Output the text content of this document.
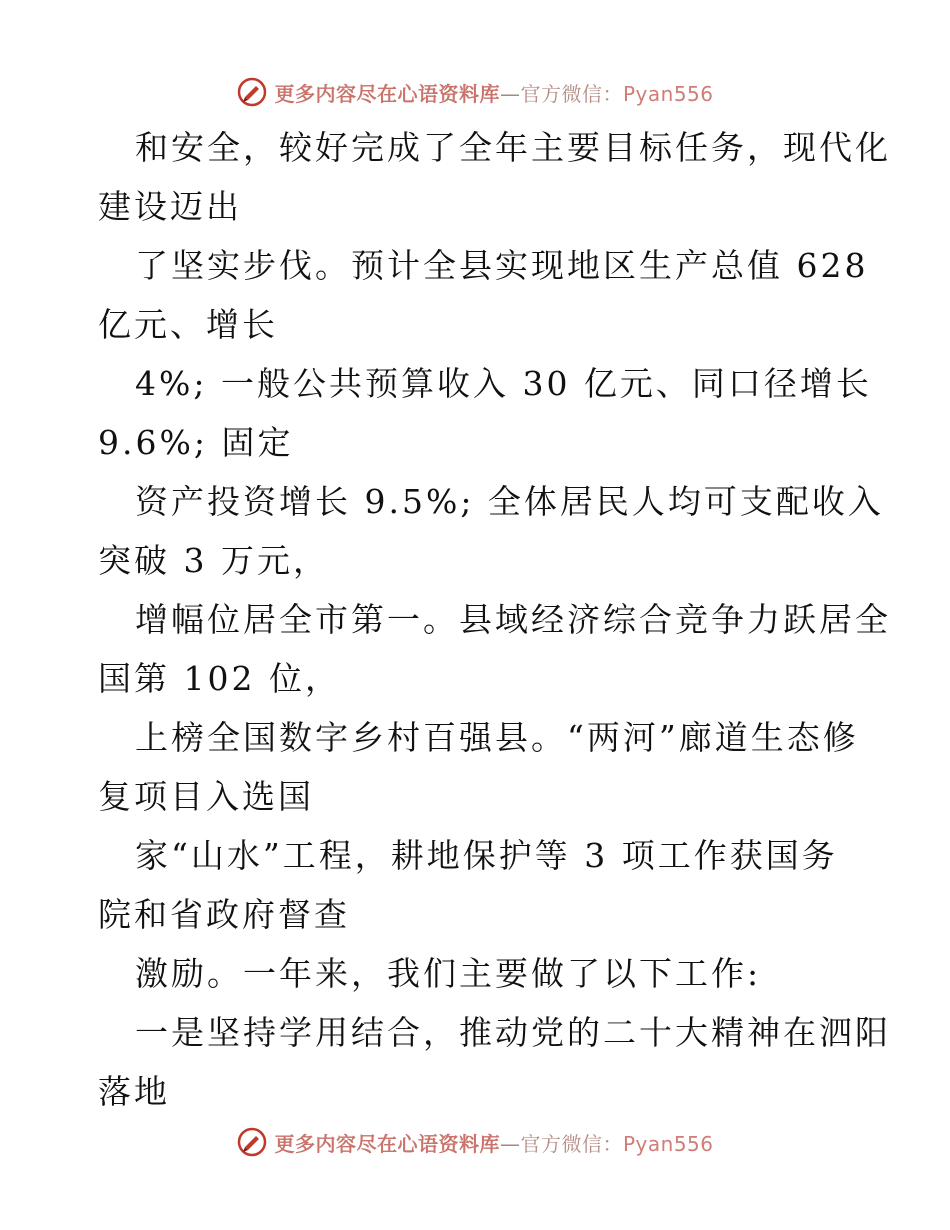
更多内容尽在心语资料库—官方微信：Pyan556

和安全，较好完成了全年主要目标任务，现代化
建设迈出

了坚实步伐。预计全县实现地区生产总值 628
亿元、增长

4%; 一般公共预算收入 30 亿元、同口径增长
9.6%; 固定

资产投资增长 9.5%; 全体居民人均可支配收入
突破 3 万元，

增幅位居全市第一。县域经济综合竞争力跃居全
国第 102 位，

上榜全国数字乡村百强县。“两河”廊道生态修
复项目入选国

家“山水”工程，耕地保护等 3 项工作获国务
院和省政府督查

激励。一年来，我们主要做了以下工作:

一是坚持学用结合，推动党的二十大精神在泗阳
落地

更多内容尽在心语资料库—官方微信：Pyan556
